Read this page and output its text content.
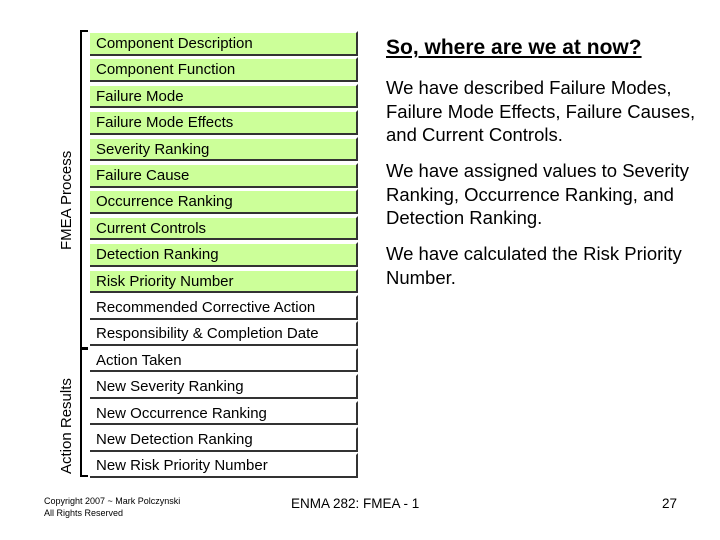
FMEA Process
Action Results
Component Description
Component Function
Failure Mode
Failure Mode Effects
Severity Ranking
Failure Cause
Occurrence Ranking
Current Controls
Detection Ranking
Risk Priority Number
Recommended Corrective Action
Responsibility & Completion Date
Action Taken
New Severity Ranking
New Occurrence Ranking
New Detection Ranking
New Risk Priority Number
So, where are we at now?
We have described Failure Modes, Failure Mode Effects, Failure Causes, and Current Controls.
We have assigned values to Severity Ranking, Occurrence Ranking, and Detection Ranking.
We have calculated the Risk Priority Number.
Copyright 2007 ~ Mark Polczynski
All Rights Reserved
ENMA 282: FMEA - 1	27
